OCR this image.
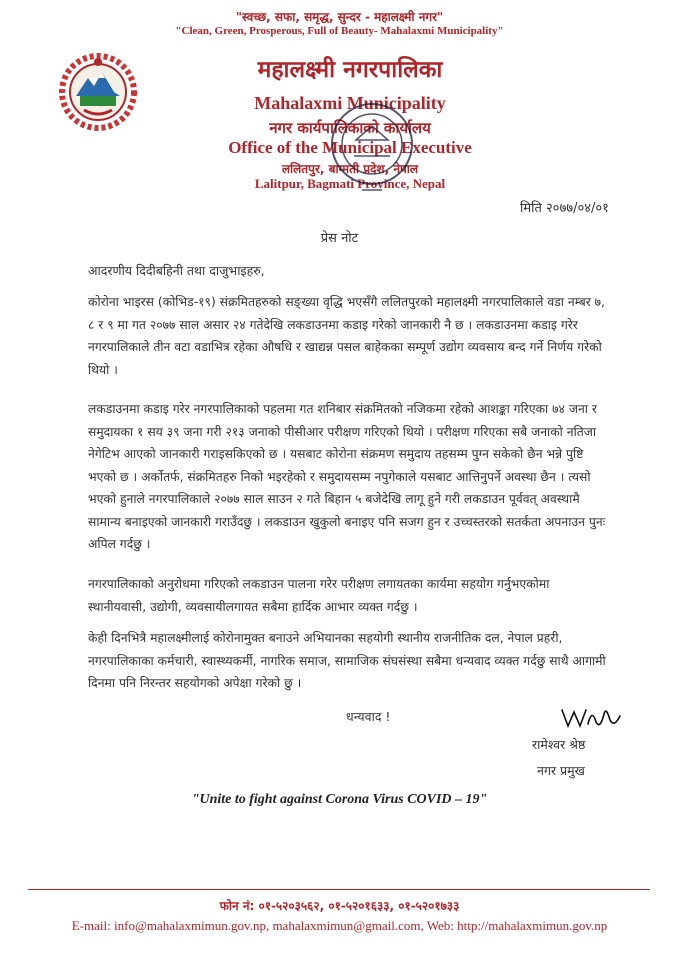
"स्वच्छ, सफा, समृद्ध, सुन्दर - महालक्ष्मी नगर"
"Clean, Green, Prosperous, Full of Beauty- Mahalaxmi Municipality"
महालक्ष्मी नगरपालिका
Mahalaxmi Municipality
नगर कार्यपालिकाको कार्यालय
Office of the Municipal Executive
ललितपुर, बाग्मती प्रदेश, नेपाल
Lalitpur, Bagmati Province, Nepal
मिति २०७७/०४/०१
प्रेस नोट
आदरणीय दिदीबहिनी तथा दाजुभाइहरु,

कोरोना भाइरस (कोभिड-१९) संक्रमितहरुको सङ्ख्या वृद्धि भएसँगै ललितपुरको महालक्ष्मी नगरपालिकाले वडा नम्बर ७, ८ र ९ मा गत २०७७ साल असार २४ गतेदेखि लकडाउनमा कडाइ गरेको जानकारी नै छ । लकडाउनमा कडाइ गरेर नगरपालिकाले तीन वटा वडाभित्र रहेका औषधि र खाद्यन्न पसल बाहेकका सम्पूर्ण उद्योग व्यवसाय बन्द गर्ने निर्णय गरेको थियो ।

लकडाउनमा कडाइ गरेर नगरपालिकाको पहलमा गत शनिबार संक्रमितको नजिकमा रहेको आशङ्का गरिएका ७४ जना र समुदायका १ सय ३९ जना गरी २१३ जनाको पीसीआर परीक्षण गरिएको थियो । परीक्षण गरिएका सबै जनाको नतिजा नेगेटिभ आएको जानकारी गराइसकिएको छ । यसबाट कोरोना संक्रमण समुदाय तहसम्म पुग्न सकेको छैन भन्ने पुष्टि भएको छ । अर्कोतर्फ, संक्रमितहरु निको भइरहेको र समुदायसम्म नपुगेकाले यसबाट आत्तिनुपर्ने अवस्था छैन । त्यसो भएको हुनाले नगरपालिकाले २०७७ साल साउन २ गते बिहान ५ बजेदेखि लागू हुने गरी लकडाउन पूर्ववत् अवस्थामै सामान्य बनाइएको जानकारी गराउँदछु । लकडाउन खुकुलो बनाइए पनि सजग हुन र उच्चस्तरको सतर्कता अपनाउन पुनः अपिल गर्दछु ।

नगरपालिकाको अनुरोधमा गरिएको लकडाउन पालना गरेर परीक्षण लगायतका कार्यमा सहयोग गर्नुभएकोमा स्थानीयवासी, उद्योगी, व्यवसायीलगायत सबैमा हार्दिक आभार व्यक्त गर्दछु ।

केही दिनभित्रै महालक्ष्मीलाई कोरोनामुक्त बनाउने अभियानका सहयोगी स्थानीय राजनीतिक दल, नेपाल प्रहरी, नगरपालिकाका कर्मचारी, स्वास्थ्यकर्मी, नागरिक समाज, सामाजिक संघसंस्था सबैमा धन्यवाद व्यक्त गर्दछु साथै आगामी दिनमा पनि निरन्तर सहयोगको अपेक्षा गरेको छु ।

धन्यवाद !
रामेश्वर श्रेष्ठ
नगर प्रमुख
"Unite to fight against Corona Virus COVID – 19"
फोन नं: ०१-५२०३५६२, ०१-५२०१६३३, ०१-५२०१७३३
E-mail: info@mahalaxmimun.gov.np, mahalaxmimun@gmail.com, Web: http://mahalaxmimun.gov.np
